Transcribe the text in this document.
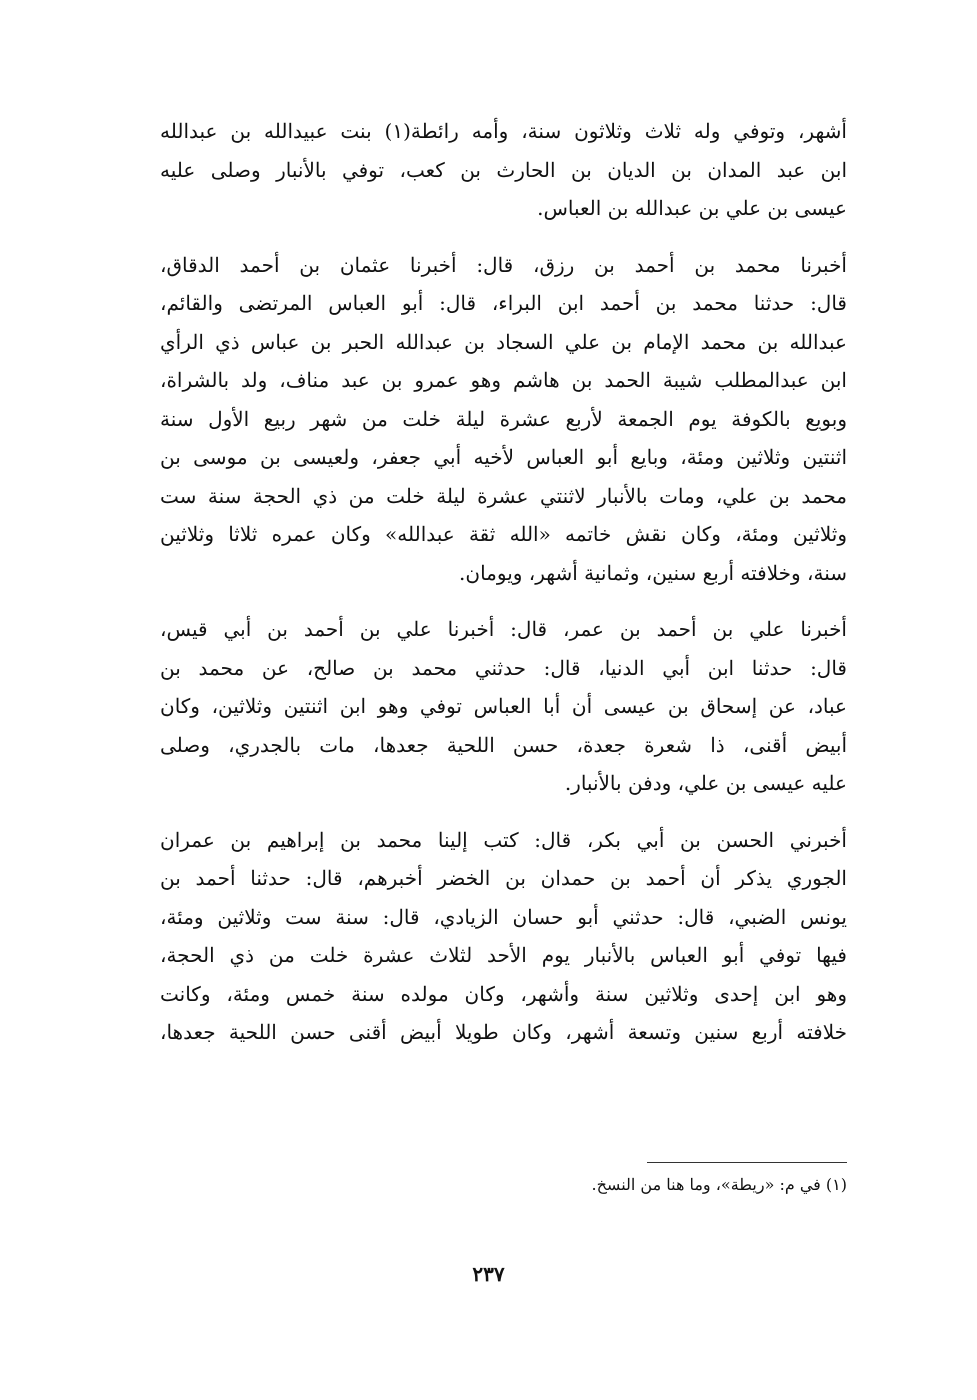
أشهر، وتوفي وله ثلاث وثلاثون سنة، وأمه رائطة(١) بنت عبيدالله بن عبدالله
ابن عبد المدان بن الديان بن الحارث بن كعب، توفي بالأنبار وصلى عليه
عيسى بن علي بن عبدالله بن العباس.

أخبرنا محمد بن أحمد بن رزق، قال: أخبرنا عثمان بن أحمد الدقاق،
قال: حدثنا محمد بن أحمد ابن البراء، قال: أبو العباس المرتضى والقائم،
عبدالله بن محمد الإمام بن علي السجاد بن عبدالله الحبر بن عباس ذي الرأي
ابن عبدالمطلب شيبة الحمد بن هاشم وهو عمرو بن عبد مناف، ولد بالشراة،
وبويع بالكوفة يوم الجمعة لأربع عشرة ليلة خلت من شهر ربيع الأول سنة
اثنتين وثلاثين ومئة، وبايع أبو العباس لأخيه أبي جعفر، ولعيسى بن موسى بن
محمد بن علي، ومات بالأنبار لاثنتي عشرة ليلة خلت من ذي الحجة سنة ست
وثلاثين ومئة، وكان نقش خاتمه «الله ثقة عبدالله» وكان عمره ثلاثا وثلاثين
سنة، وخلافته أربع سنين، وثمانية أشهر، ويومان.

أخبرنا علي بن أحمد بن عمر، قال: أخبرنا علي بن أحمد بن أبي قيس،
قال: حدثنا ابن أبي الدنيا، قال: حدثني محمد بن صالح، عن محمد بن
عباد، عن إسحاق بن عيسى أن أبا العباس توفي وهو ابن اثنتين وثلاثين، وكان
أبيض أقنى، ذا شعرة جعدة، حسن اللحية جعدها، مات بالجدري، وصلى
عليه عيسى بن علي، ودفن بالأنبار.

أخبرني الحسن بن أبي بكر، قال: كتب إلينا محمد بن إبراهيم بن عمران
الجوري يذكر أن أحمد بن حمدان بن الخضر أخبرهم، قال: حدثنا أحمد بن
يونس الضبي، قال: حدثني أبو حسان الزيادي، قال: سنة ست وثلاثين ومئة،
فيها توفي أبو العباس بالأنبار يوم الأحد لثلاث عشرة خلت من ذي الحجة،
وهو ابن إحدى وثلاثين سنة وأشهر، وكان مولده سنة خمس ومئة، وكانت
خلافته أربع سنين وتسعة أشهر، وكان طويلا أبيض أقنى حسن اللحية جعدها،

(١) في م: «ريطة»، وما هنا من النسخ.
٢٣٧
